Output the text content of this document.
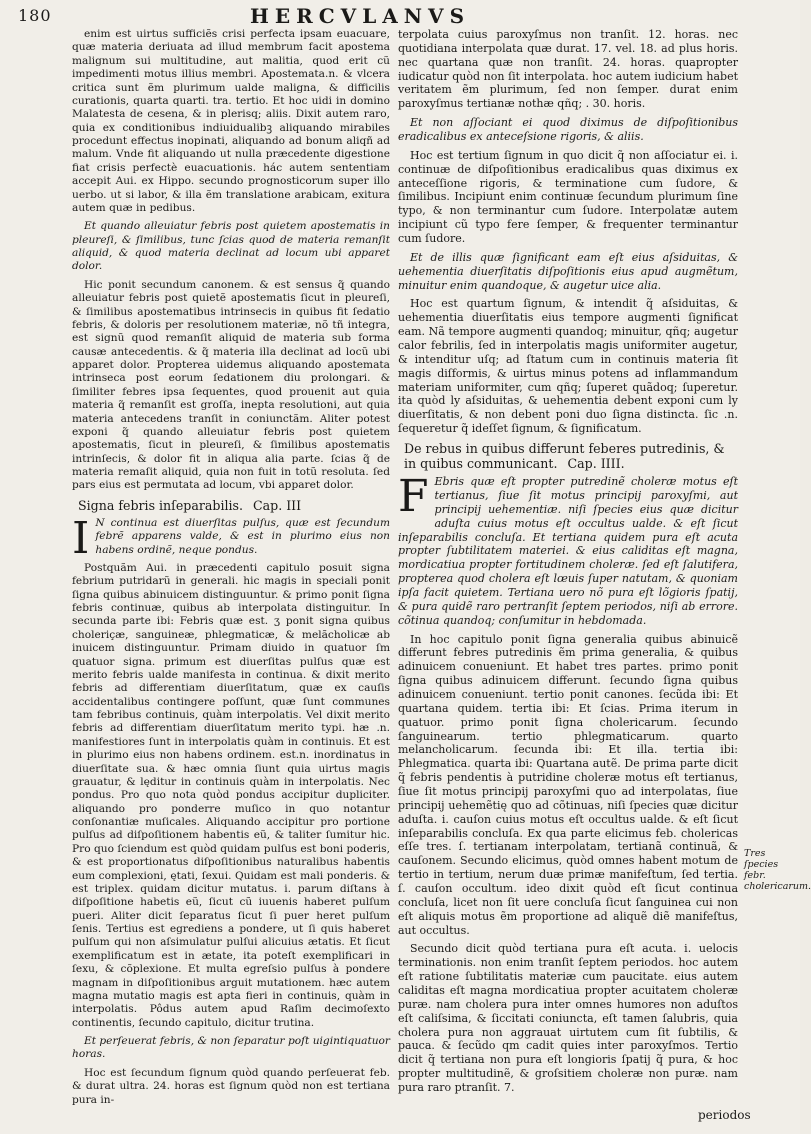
180	HERCVLANVS

enim est uirtus sufficiẽs crisi perfecta ipsam euacuare, quæ materia deriuata ad illud membrum facit apostema malignum sui multitudine, aut malitia, quod erit cũ impedimenti motus illius membri. Apostemata.n. & vlcera critica sunt ẽm plurimum ualde maligna, & difficilis curationis, quarta quarti. tra. tertio. Et hoc uidi in domino Malatesta de cesena, & in plerisq; aliis. Dixit autem raro, quia ex conditionibus indiuidualibꝫ aliquando mirabiles procedunt effectus inopinati, aliquando ad bonum aliqñ ad malum. Vnde fit aliquando ut nulla præcedente digestione fiat crisis perfectè euacuationis. hác autem sententiam accepit Aui. ex Hippo. secundo prognosticorum super illo uerbo. ut si labor, & illa ẽm translatione arabicam, exitura autem quæ in pedibus.

Et quando alleuiatur febris post quietem apostematis in pleureſi, & ſimilibus, tunc ſcias quod de materia remanſit aliquid, & quod materia declinat ad locum ubi apparet dolor.

Hic ponit secundum canonem. & est sensus q̃ quando alleuiatur febris post quietẽ apostematis ſicut in pleureſi, & ſimilibus apostematibus intrinsecis in quibus fit ſedatio febris, & doloris per resolutionem materiæ, nõ tñ integra, est signũ quod remanſit aliquid de materia sub forma causæ antecedentis. & q̃ materia illa declinat ad locũ ubi apparet dolor. Propterea uidemus aliquando apostemata intrinseca post eorum ſedationem diu prolongari. & ſimiliter febres ipsa ſequentes, quod prouenit aut quia materia q̃ remanſit est groſſa, inepta resolutioni, aut quia materia antecedens tranſit in coniunctãm. Aliter potest exponi q̃ quando alleuiatur febris post quietem apostematis, ſicut in pleureſi, & ſimilibus apostematis intrinſecis, & dolor fit in aliqua alia parte. ſcias q̃ de materia remaſit aliquid, quia non fuit in totũ resoluta. ſed pars eius est permutata ad locum, vbi apparet dolor.

Signa febris inſeparabilis. Cap. III

I N continua est diuerſitas pulſus, quæ est ſecundum febrẽ apparens valde, & est in plurimo eius non habens ordinẽ, neque pondus.

Postquãm Aui. in præcedenti capitulo posuit signa febrium putridarũ in generali. hic magis in speciali ponit ſigna quibus abinuicem distinguuntur. & primo ponit ſigna febris continuæ, quibus ab interpolata distinguitur. In secunda parte ibi: Febris quæ est. ʒ ponit signa quibus choleriçæ, sanguineæ, phlegmaticæ, & melãcholicæ ab inuicem distinguuntur. Primam diuido in quatuor ſm quatuor signa. primum est diuerſitas pulſus quæ est merito febris ualde manifesta in continua. & dixit merito febris ad differentiam diuerſitatum, quæ ex cauſis accidentalibus contingere poſſunt, quæ ſunt communes tam febribus continuis, quàm interpolatis. Vel dixit merito febris ad differentiam diuerſitatum merito typi. hæ .n. manifestiores ſunt in interpolatis quàm in continuis. Et est in plurimo eius non habens ordinem. est.n. inordinatus in diuerſitate sua. & hæc omnia ſiunt quia uirtus magis grauatur, & lęditur in continuis quàm in interpolatis. Nec pondus. Pro quo nota quòd pondus accipitur dupliciter. aliquando pro ponderre muſico in quo notantur conſonantiæ muſicales. Aliquando accipitur pro portione pulſus ad diſpoſitionem habentis eũ, & taliter ſumitur hic. Pro quo ſciendum est quòd quidam pulſus est boni poderis, & est proportionatus diſpoſitionibus naturalibus habentis eum complexioni, ętati, ſexui. Quidam est mali ponderis. & est triplex. quidam dicitur mutatus. i. parum diſtans à diſpoſitione habetis eũ, ſicut cũ iuuenis haberet pulſum pueri. Aliter dicit ſeparatus ſicut ſi puer heret pulſum ſenis. Tertius est egrediens a pondere, ut ſi quis haberet pulſum qui non aſsimulatur pulſui alicuius ætatis. Et ſicut exemplificatum est in ætate, ita poteſt exemplificari in ſexu, & cõplexione. Et multa egreſsio pulſus à pondere magnam in diſpoſitionibus arguit mutationem. hæc autem magna mutatio magis est apta fieri in continuis, quàm in interpolatis. Pôdus autem apud Raſim decimoſexto continentis, ſecundo capitulo, dicitur trutina.

Et perſeuerat febris, & non ſeparatur poſt uigintiquatuor horas.

Hoc est ſecundum ſignum quòd quando perſeuerat feb. & durat ultra. 24. horas est ſignum quòd non est tertiana pura in-

terpolata cuius paroxyſmus non tranſit. 12. horas. nec quotidiana interpolata quæ durat. 17. vel. 18. ad plus horis. nec quartana quæ non tranſit. 24. horas. quapropter iudicatur quòd non ſit interpolata. hoc autem iudicium habet veritatem ẽm plurimum, ſed non ſemper. durat enim paroxyſmus tertianæ nothæ qñq; . 30. horis.

Et non aſſociant ei quod diximus de diſpoſitionibus eradicalibus ex anteceſsione rigoris, & aliis.

Hoc est tertium ſignum in quo dicit q̃ non aſſociatur ei. i. continuæ de diſpoſitionibus eradicalibus quas diximus ex anteceſſione rigoris, & terminatione cum ſudore, & ſimilibus. Incipiunt enim continuæ ſecundum plurimum ſine typo, & non terminantur cum ſudore. Interpolatæ autem incipiunt cũ typo fere ſemper, & frequenter terminantur cum ſudore.

Et de illis quæ ſignificant eam eſt eius aſsiduitas, & uehementia diuerſitatis diſpoſitionis eius apud augmẽtum, minuitur enim quandoque, & augetur uice alia.

Hoc est quartum ſignum, & intendit q̃ aſsiduitas, & uehementia diuerſitatis eius tempore augmenti ſignificat eam. Nã tempore augmenti quandoq; minuitur, qñq; augetur calor febrilis, ſed in interpolatis magis uniformiter augetur, & intenditur uſq; ad ſtatum cum in continuis materia ſit magis diſformis, & uirtus minus potens ad inflammandum materiam uniformiter, cum qñq; ſuperet quãdoq; ſuperetur. ita quòd ly aſsiduitas, & uehementia debent exponi cum ly diuerſitatis, & non debent poni duo ſigna distincta. ſic .n. ſequeretur q̃ ideſſet ſignum, & ſignificatum.

De rebus in quibus differunt feberes putredinis, & in quibus communicant. Cap. IIII.

F Ebris quæ eſt propter putredinẽ choleræ motus eſt tertianus, ſiue ſit motus principij paroxyſmi, aut principij uehementiæ. niſi ſpecies eius quæ dicitur aduſta cuius motus eſt occultus ualde. & eſt ſicut inſeparabilis concluſa. Et tertiana quidem pura eſt acuta propter ſubtilitatem materiei. & eius caliditas eſt magna, mordicatiua propter fortitudinem choleræ. ſed eſt ſalutifera, propterea quod cholera eſt lœuis ſuper natutam, & quoniam ipſa facit quietem. Tertiana uero nõ pura eſt lõgioris ſpatij, & pura quidẽ raro pertranſit ſeptem periodos, niſi ab errore. cõtinua quandoq; conſumitur in hebdomada.

In hoc capitulo ponit ſigna generalia quibus abinuicẽ differunt febres putredinis ẽm prima generalia, & quibus adinuicem conueniunt. Et habet tres partes. primo ponit ſigna quibus adinuicem differunt. ſecundo ſigna quibus adinuicem conueniunt. tertio ponit canones. ſecũda ibi: Et quartana quidem. tertia ibi: Et ſcias. Prima iterum in quatuor. primo ponit ſigna cholericarum. ſecundo ſanguinearum. tertio phlegmaticarum. quarto melancholicarum. ſecunda ibi: Et illa. tertia ibi: Phlegmatica. quarta ibi: Quartana autẽ. De prima parte dicit q̃ febris pendentis à putridine choleræ motus eſt tertianus, ſiue ſit motus principij paroxyſmi quo ad interpolatas, ſiue principij uehemẽtię quo ad cõtinuas, niſi ſpecies quæ dicitur aduſta. i. cauſon cuius motus eſt occultus ualde. & eſt ſicut inſeparabilis concluſa. Ex qua parte elicimus feb. cholericas eſſe tres. ſ. tertianam interpolatam, tertianã continuã, & cauſonem. Secundo elicimus, quòd omnes habent motum de tertio in tertium, nerum duæ primæ manifeſtum, ſed tertia. ſ. cauſon occultum. ideo dixit quòd eſt ſicut continua concluſa, licet non ſit uere concluſa ſicut ſanguinea cui non eſt aliquis motus ẽm proportione ad aliquẽ diẽ manifeſtus, aut occultus.

Secundo dicit quòd tertiana pura eſt acuta. i. uelocis terminationis. non enim tranſit ſeptem periodos. hoc autem eſt ratione ſubtilitatis materiæ cum paucitate. eius autem caliditas eſt magna mordicatiua propter acuitatem choleræ puræ. nam cholera pura inter omnes humores non aduſtos eſt caliſsima, & ſiccitati coniuncta, eſt tamen ſalubris, quia cholera pura non aggrauat uirtutem cum ſit ſubtilis, & pauca. & ſecũdo qm cadit quies inter paroxyſmos. Tertio dicit q̃ tertiana non pura eſt longioris ſpatij q̃ pura, & hoc propter multitudinẽ, & groſsitiem choleræ non puræ. nam pura raro ptranſit. 7.

Tres ſpecies febr. cholericarum.
periodos
